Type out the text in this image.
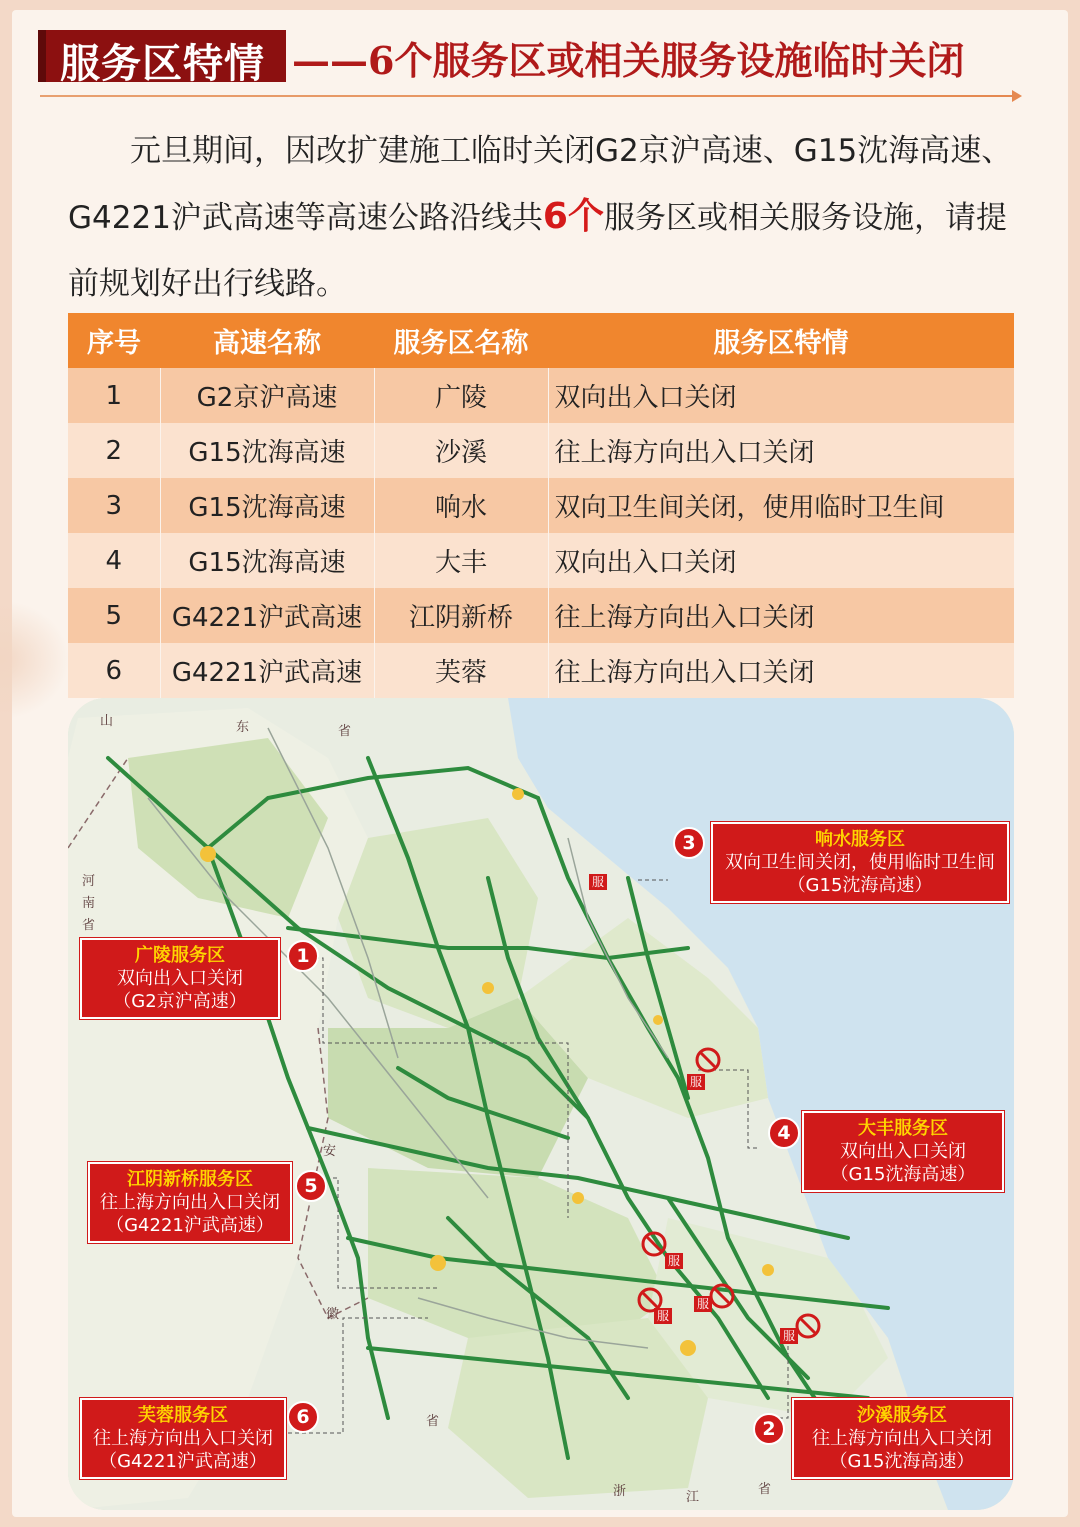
服务区特情 ——6个服务区或相关服务设施临时关闭
元旦期间，因改扩建施工临时关闭G2京沪高速、G15沈海高速、G4221沪武高速等高速公路沿线共6个服务区或相关服务设施，请提前规划好出行线路。
序号	高速名称	服务区名称	服务区特情
1	G2京沪高速	广陵	双向出入口关闭
2	G15沈海高速	沙溪	往上海方向出入口关闭
3	G15沈海高速	响水	双向卫生间关闭，使用临时卫生间
4	G15沈海高速	大丰	双向出入口关闭
5	G4221沪武高速	江阴新桥	往上海方向出入口关闭
6	G4221沪武高速	芙蓉	往上海方向出入口关闭
服
服
服
服
服
服
山	东	省
河
南
省
安
徽
省
浙	江
省
广陵服务区
双向出入口关闭
（G2京沪高速）
1
沙溪服务区
往上海方向出入口关闭
（G15沈海高速）
2
响水服务区
双向卫生间关闭，使用临时卫生间
（G15沈海高速）
3
大丰服务区
双向出入口关闭
（G15沈海高速）
4
江阴新桥服务区
往上海方向出入口关闭
（G4221沪武高速）
5
芙蓉服务区
往上海方向出入口关闭
（G4221沪武高速）
6
